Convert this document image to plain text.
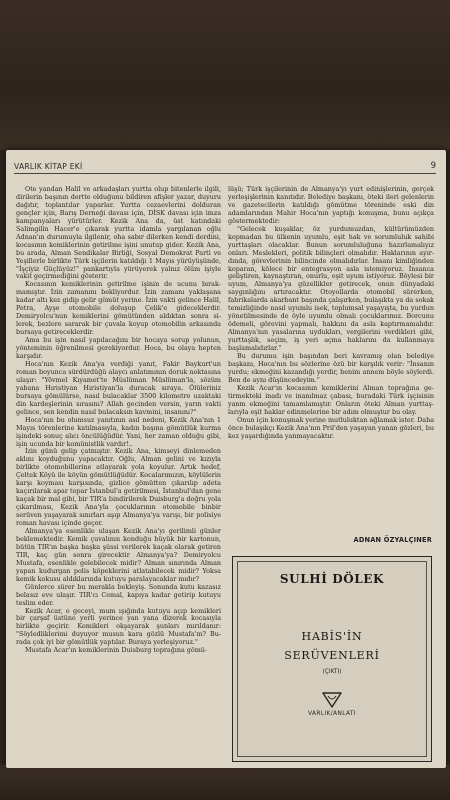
VARLIK KİTAP EKİ	9

Öte yandan Halil ve arkadaşları yurtta olup bitenlerle ilgili, dirilerin başının dertte olduğunu bildiren afişler yazar, duyuru dağıtır, toplantılar yaparlar. Yurtta cezaevlerini dolduran gençler için, Barış Derneği davası için, DİSK davası için imza kampanyaları yürütürler. Kezik Ana da, üst katındaki Salimgilin Hacer'e çıkarak yurtta idamla yargılanan oğlu Adnan'ın durumuyla ilgilenir, oha sabır dilerken kendi derdini, kocasının kemiklerinin getirilme işini unutup gider. Kezik Ana, bu arada, Alman Sendikalar Birliği, Sosyal Demokrat Parti ve Yeşillerle birlikte Türk işçilerin katıldığı 1 Mayıs yürüyüşünde, "İşçiyiz Güçlüyüz!" pankartıyla yürüyerek yalnız ölüm işiyle vakit geçirmediğini gösterir.

Kocasının kemiklerinin getirilme işinin de ucunu bırakmamıştır. İzin zamanını bekliyordur. İzin zamanı yaklaşana kadar altı kez gidip gelir gömüt yerine. İzin vakti gelince Halil, Petra, Ayşe otomobile doluşup Çelik'e gideceklerdir. Demiryolcu'nun kemiklerini gömütünden aldıktan sonra silerek, bezlere sararak bir çuvala koyup otomobilin arkasında bursaya getireceklerdir.

Ama bu işin nasıl yapılacağını bir hocaya sorup yolunun, yönteminin öğrenilmesi gerekiyordur. Hoca, bu olaya hepten karşıdır.

Hoca'nın Kezik Ana'ya verdiği yanıt, Fakir Baykurt'un roman boyunca sürdürdüğü alaycı anlatımının doruk noktasına ulaşır: "Yövmel Kıyamet'te Müslüman Müslüman'la, sözüm yabana Hıristiyan Hıristiyan'la duracak sıraya. Ölüleriniz bursaya gömülürse, nasıl bulacaklar 3500 kilometre uzaktaki din kardeşlerinin sırasını? Allah gecinden versin, yarın vakti gelince, sen kendin nasıl bulacaksın kavmini, insanını?"

Hoca'nın bu olumsuz yanıtının asıl nedeni, Kezik Ana'nın 1 Mayıs törenlerine katılmasıyla, kadın başına gömütlük kurma işindeki sonuç alıcı öncülüğüdür. Yani, her zaman olduğu gibi, işin ucunda bir komünistlik vardır!..

İzin günü gelip çatmıştır. Kezik Ana, kimseyi dinlemeden aklını koyduğunu yapacaktır. Oğlu, Alman gelini ve kızıyla birlikte otomobillerine atlayarak yola koyulur. Artık hedef, Çeltek Köyü ile köyün gömütlüğüdür. Kocalarımızın, köylülerin karşı koyması karşısında, gizlice gömütten çıkarılıp adeta kaçırılarak apar topar İstanbul'a getirilmesi, İstanbul'dan gene kaçak bir mal gibi, bir TIR'a bindirilerek Duisburg'a doğru yola çıkarılması, Kezik Ana'yla çocuklarının otomobile binbir serüven yaşayarak sınırları aşıp Almanya'ya varışı, bir polisiye roman havası içinde geçer.

Almanya'ya esenlikle ulaşan Kezik Ana'yı gerilimli günler beklemektedir. Kemik çuvalının konduğu büyük bir kartonun, bütün TIR'ın başka başka şüssi verilerek kaçak olarak getiren TIR, kaç gün sonra girecektir Almanya'ya? Demiryolcu Mustafa, esenlikle gelebilecek midir? Alman sınırında Alman yapan kudurgan polis köpeklerini atlatabilecek midir? Yoksa kemik kokusu aldıklarında kutuyu paralayacaklar mıdır?

Günlerce sürer bu merakla bekleyiş. Sonunda kutu kazasız belasız eve ulaşır. TIR'cı Cemal, kapıya kadar getirip kutuyu teslim eder.

Kezik Acar, o geceyi, mum ışığında kutuyu açıp kemikleri bir çarşaf üstüne yerli yerince yan yana dizerek kocasıyla birlikte geçirir. Kemikleri okşayarak şunları mırıldanır: "Söyledliklerimi duyuyor musun kara gözlü Mustafa'm? Burada çok iyi bir gömütlük yaptılar. Buraya yerleşiyoruz."

Mustafa Acar'ın kemiklerinin Duisburg toprağına gömü-

lüşü; Türk işçilerinin de Almanya'yı yurt edinişlerinin, gerçek yerleşişlerinin kanıtıdır. Belediye başkanı, öteki ileri gelenlerin ve gazetecilerin katıldığı gömütme töreninde eski din adamlarından Mahir Hoca'nın yaptığı konuşma, bunu açıkça göstermektedir:

"Gelecek kuşaklar, öz yurdumuzdan, kültürümüzden kopmadan bu ülkenin uyumlu, eşit hak ve sorumluluk sahibi yurttaşları olacaklar. Bunun sorumluluğuna hazırlamalıyız onları. Meslekleri, politik bilinçleri olmalıdır. Haklarının ayırdında, görevlerinin bilincinde olmalıdırlar. İnsanı kimliğinden koparan, kölece bir entegrasyon asla istemiyoruz. İnsanca geliştiren, kaynaştıran, onurlu, eşit uyum istiyoruz. Böylesi bir uyum, Almanya'ya güzellikler getirecek, onun dünyadaki saygınlığını artıracaktır. Otoyollarda otomobil sürerken, fabrikalarda akarbant başında çalışırken, bulaşıkta ya da sokak temizliğinde nasıl uyumlu isek, toplumsal yaşayışta, bu yurdun yönetilmesinde de öyle uyumlu olmalı çocuklarımız. Borcunu ödemeli, görevini yapmalı, hakkını da asla kaptırmamalıdır. Almanya'nın yasalarına uydukları, vergilerini verdikleri gibi, yurttaşlık, seçim, iş yeri açma haklarını da kullanmaya başlamalıdırlar."

Bu durumu işin başından beri kavramış olan belediye başkanı, Hoca'nın bu sözlerine özü bir karşılık verir: "İnsanın yurdu; ekmeğini kazandığı yerdir, benim annem böyle söylerdi. Ben de aynı düşüncedeyim."

Kezik Acar'ın kocasının kemiklerini Alman toprağına getirmekteki inadı ve inanılmaz çabası, buradaki Türk işçisinin yanm ekmeğini tamamlamıştır. Onların öteki Alman yurttaşlarıyla eşit haklar edinmelerine bir adım olmuştur bu olay.

Onun için konuşmak yerine mutluluktan ağlamak ister. Daha önce bulaşıkçı Kezik Ana'nın Pril'den yaşayan yanan gözleri, bu kez yaşardığında yanmayacaktır.

ADNAN ÖZYALÇINER
SULHİ DÖLEK
HABİS'İN
SERÜVENLERİ
(ÇIKTI)
VARLIK/ANLATI
